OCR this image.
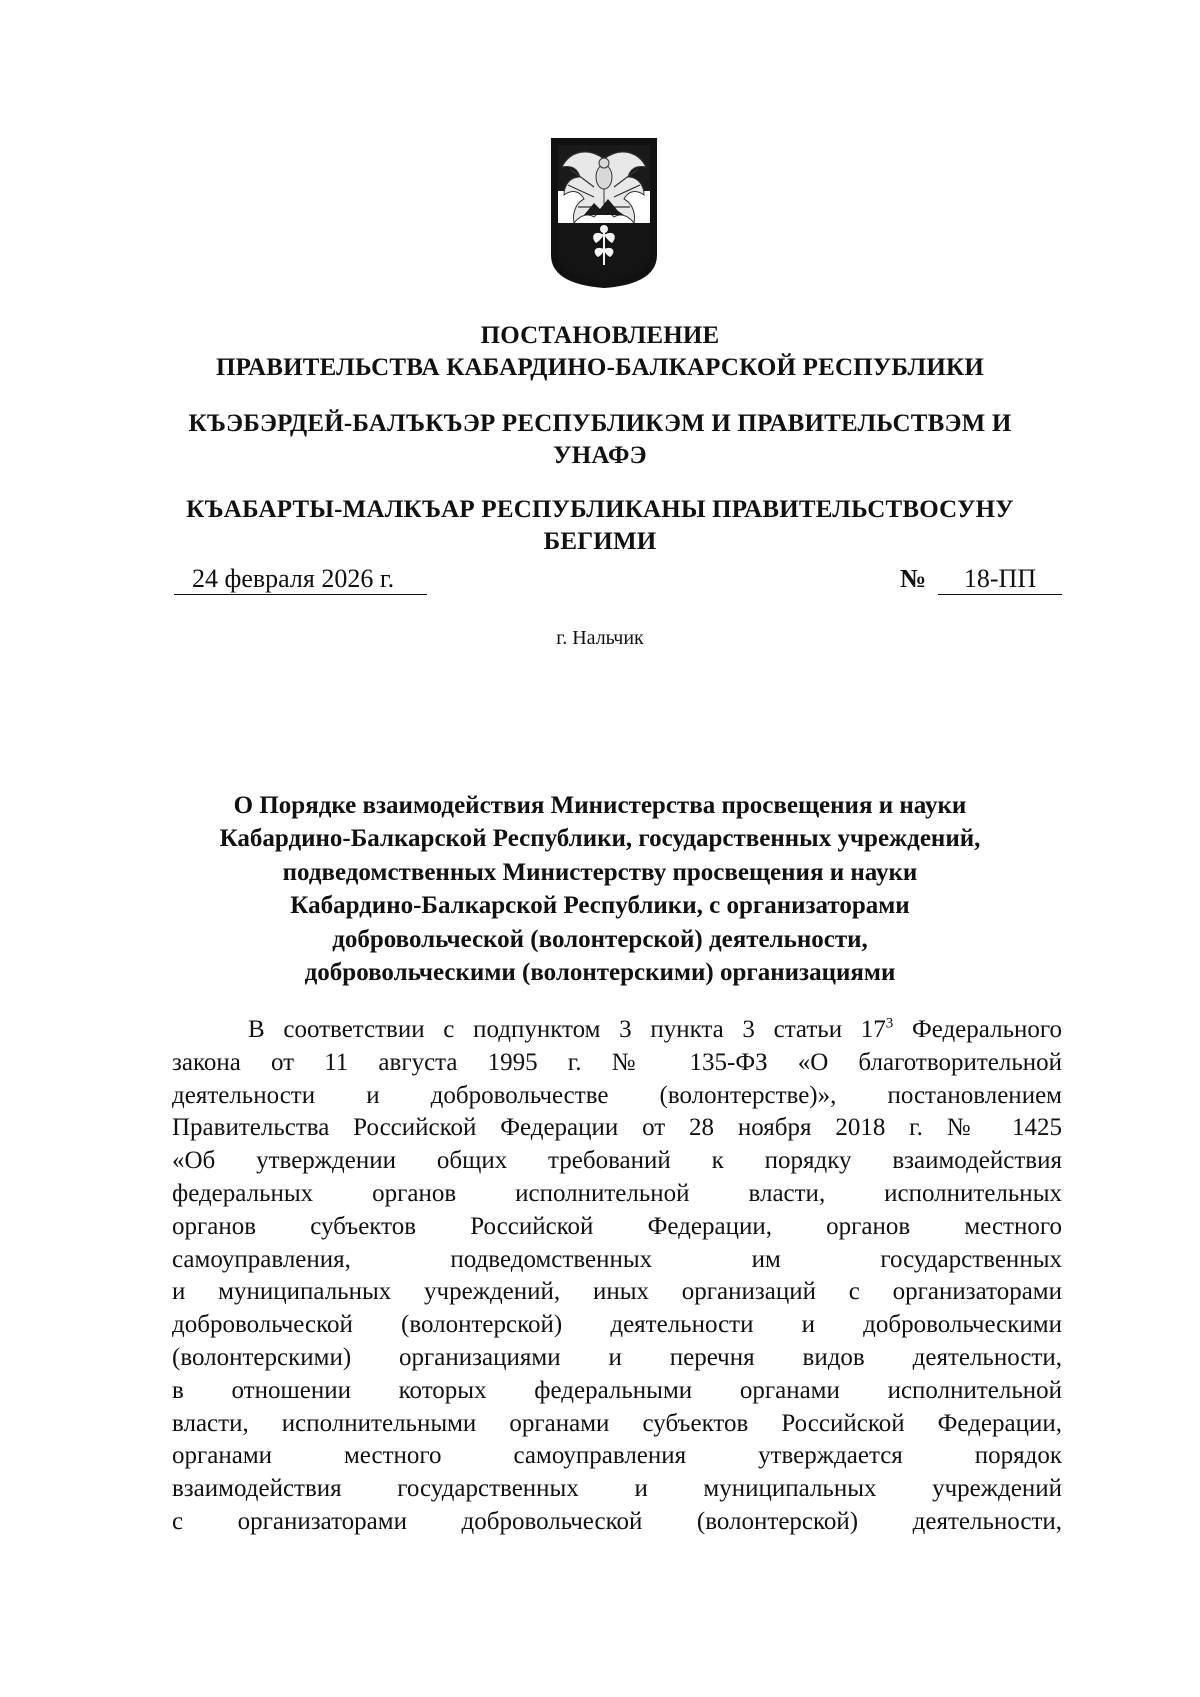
ПОСТАНОВЛЕНИЕ
ПРАВИТЕЛЬСТВА КАБАРДИНО-БАЛКАРСКОЙ РЕСПУБЛИКИ
КЪЭБЭРДЕЙ-БАЛЪКЪЭР РЕСПУБЛИКЭМ И ПРАВИТЕЛЬСТВЭМ И
УНАФЭ
КЪАБАРТЫ-МАЛКЪАР РЕСПУБЛИКАНЫ ПРАВИТЕЛЬСТВОСУНУ
БЕГИМИ
24 февраля 2026 г.	№	18-ПП
г. Нальчик
О Порядке взаимодействия Министерства просвещения и науки
Кабардино-Балкарской Республики, государственных учреждений,
подведомственных Министерству просвещения и науки
Кабардино-Балкарской Республики, с организаторами
добровольческой (волонтерской) деятельности,
добровольческими (волонтерскими) организациями
В соответствии с подпунктом 3 пункта 3 статьи $17^3$ Федерального
закона от 11 августа 1995 г. № 135-ФЗ «О благотворительной
деятельности и добровольчестве (волонтерстве)», постановлением
Правительства Российской Федерации от 28 ноября 2018 г. № 1425
«Об утверждении общих требований к порядку взаимодействия
федеральных органов исполнительной власти, исполнительных
органов субъектов Российской Федерации, органов местного
самоуправления, подведомственных им государственных
и муниципальных учреждений, иных организаций с организаторами
добровольческой (волонтерской) деятельности и добровольческими
(волонтерскими) организациями и перечня видов деятельности,
в отношении которых федеральными органами исполнительной
власти, исполнительными органами субъектов Российской Федерации,
органами местного самоуправления утверждается порядок
взаимодействия государственных и муниципальных учреждений
с организаторами добровольческой (волонтерской) деятельности,
